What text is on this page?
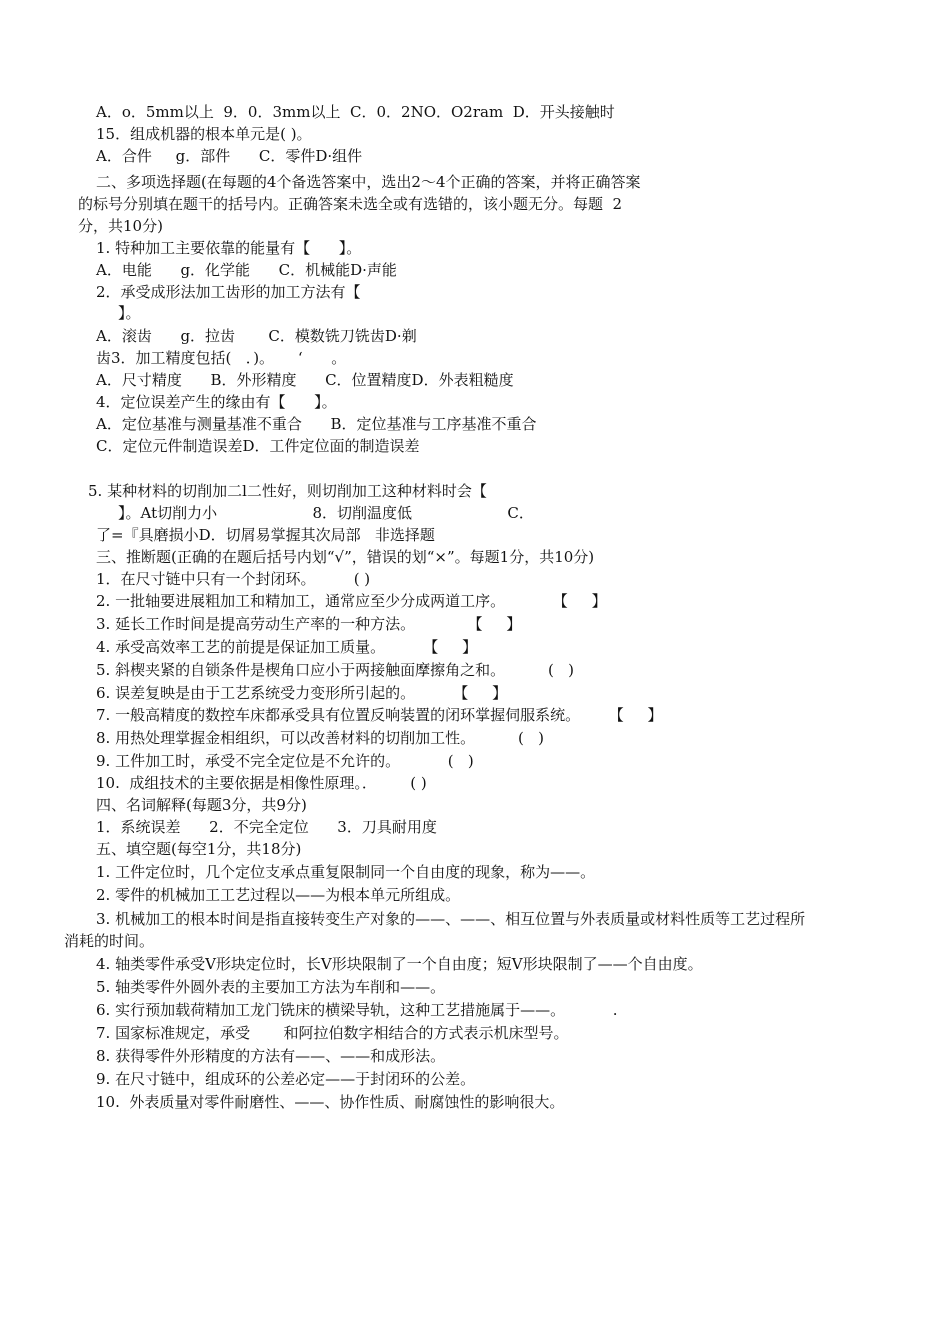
A．o．5mm以上  9．0．3mm以上  C．0．2NO．O2ram  D．开头接触时
15．组成机器的根本单元是( )。
A．合件     g．部件      C．零件D·组件
二、多项选择题(在每题的4个备选答案中，选出2～4个正确的答案，并将正确答案
的标号分别填在题干的括号内。正确答案未选全或有选错的，该小题无分。每题  2
分，共10分)
1. 特种加工主要依靠的能量有【      】。
A．电能      g．化学能      C．机械能D·声能
2．承受成形法加工齿形的加工方法有【
】。
A．滚齿      g．拉齿       C．模数铣刀铣齿D·剃
齿3．加工精度包括(   ．)。     ‘      。
A．尺寸精度      B．外形精度      C．位置精度D．外表粗糙度
4．定位误差产生的缘由有【      】。
A．定位基准与测量基准不重合      B．定位基准与工序基准不重合
C．定位元件制造误差D．工件定位面的制造误差
5. 某种材料的切削加二l二性好，则切削加工这种材料时会【
】。At切削力小                    8．切削温度低                    C．
了=『具磨损小D．切屑易掌握其次局部   非选择题
三、推断题(正确的在题后括号内划“√”，错误的划“×”。每题1分，共10分)
1．在尺寸链中只有一个封闭环。        ( )
2. 一批轴要进展粗加工和精加工，通常应至少分成两道工序。          【     】
3. 延长工作时间是提高劳动生产率的一种方法。           【     】
4. 承受高效率工艺的前提是保证加工质量。        【     】
5. 斜楔夹紧的自锁条件是楔角口应小于两接触面摩擦角之和。         (   )
6. 误差复映是由于工艺系统受力变形所引起的。        【     】
7. 一般高精度的数控车床都承受具有位置反响装置的闭环掌握伺服系统。      【     】
8. 用热处理掌握金相组织，可以改善材料的切削加工性。         (   )
9. 工件加工时，承受不完全定位是不允许的。          (   )
10.  成组技术的主要依据是相像性原理。．       ( )
四、名词解释(每题3分，共9分)
1．系统误差      2．不完全定位      3．刀具耐用度
五、填空题(每空1分，共18分)
1. 工件定位时，几个定位支承点重复限制同一个自由度的现象，称为——。
2. 零件的机械加工工艺过程以——为根本单元所组成。
3. 机械加工的根本时间是指直接转变生产对象的——、——、相互位置与外表质量或材料性质等工艺过程所
消耗的时间。
4. 轴类零件承受V形块定位时，长V形块限制了一个自由度；短V形块限制了——个自由度。
5. 轴类零件外圆外表的主要加工方法为车削和——。
6. 实行预加载荷精加工龙门铣床的横梁导轨，这种工艺措施属于——。          .
7. 国家标准规定，承受       和阿拉伯数字相结合的方式表示机床型号。
8. 获得零件外形精度的方法有——、——和成形法。
9. 在尺寸链中，组成环的公差必定——于封闭环的公差。
10.  外表质量对零件耐磨性、——、协作性质、耐腐蚀性的影响很大。
